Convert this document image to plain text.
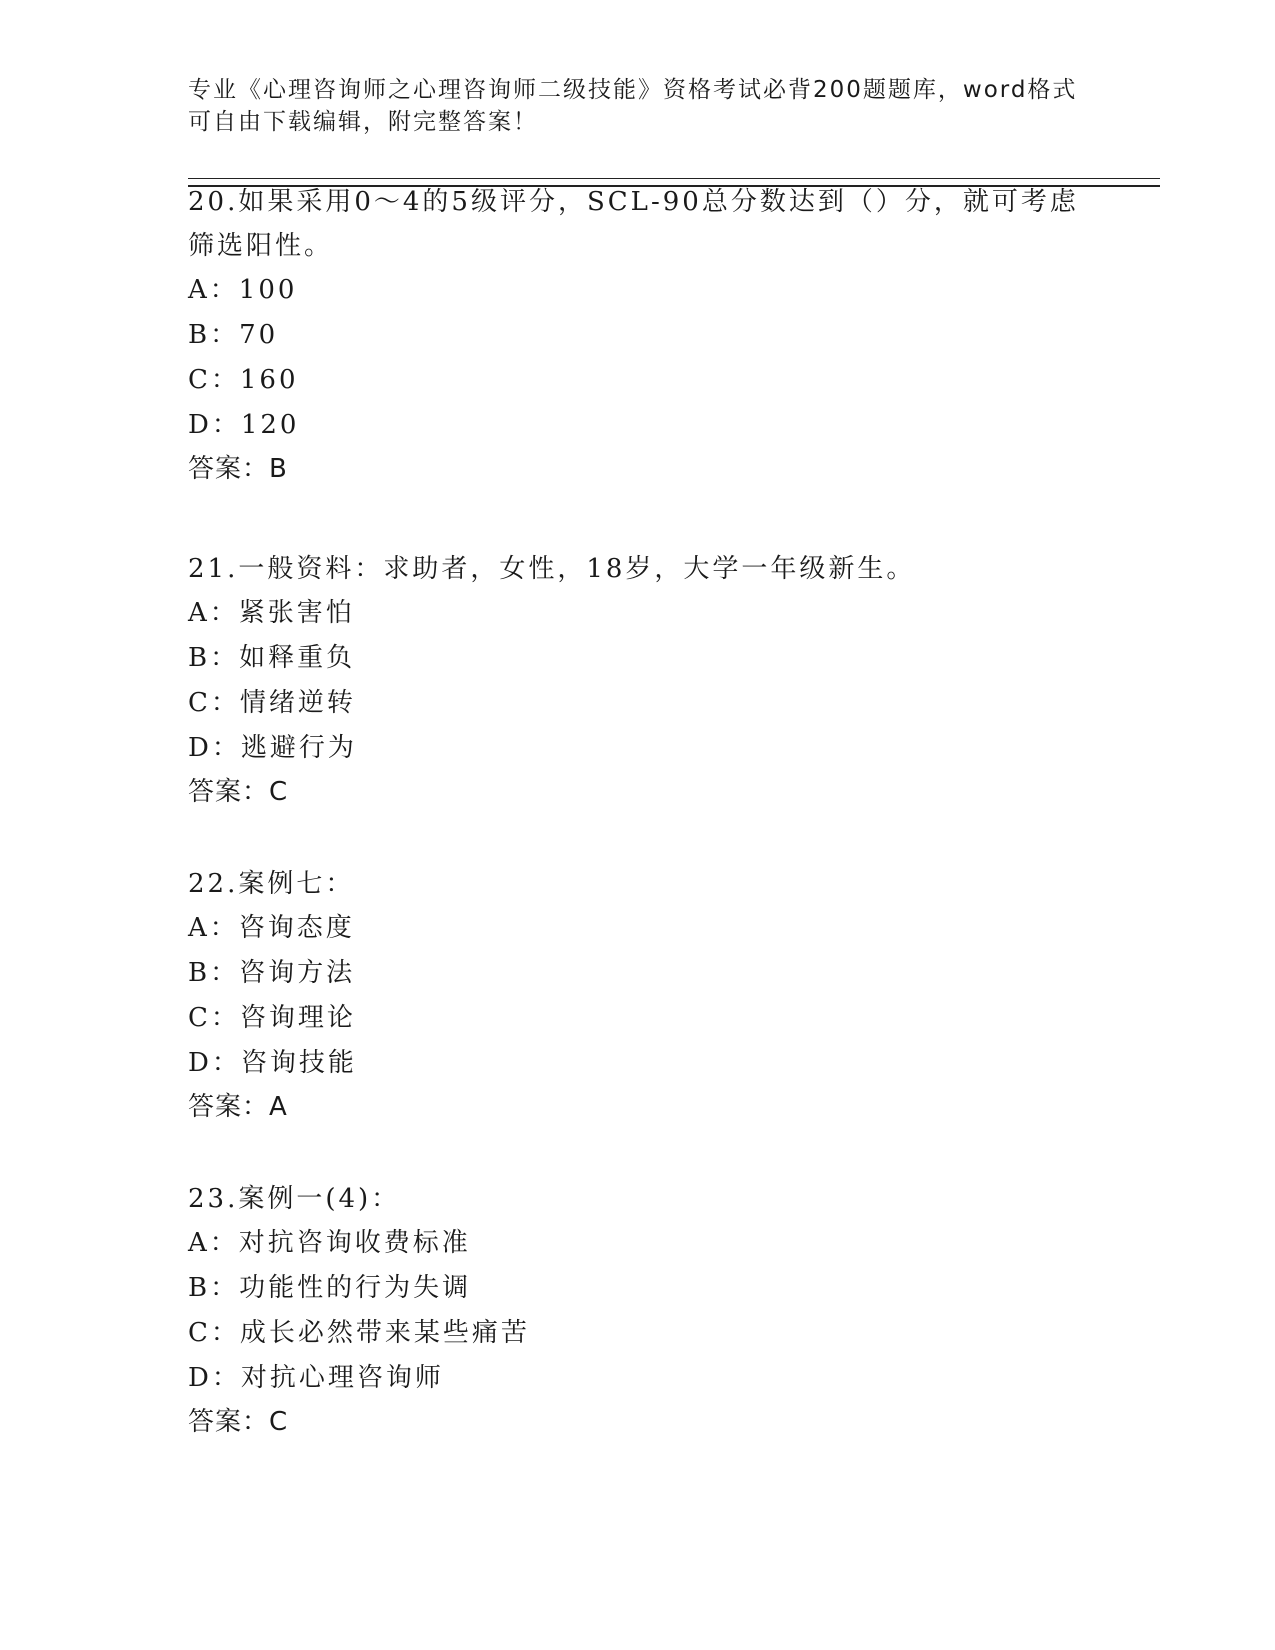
专业《心理咨询师之心理咨询师二级技能》资格考试必背200题题库，word格式
可自由下载编辑，附完整答案！
20.如果采用0～4的5级评分，SCL-90总分数达到（）分，就可考虑
筛选阳性。
A：100
B：70
C：160
D：120
答案：B
21.一般资料：求助者，女性，18岁，大学一年级新生。
A：紧张害怕
B：如释重负
C：情绪逆转
D：逃避行为
答案：C
22.案例七：
A：咨询态度
B：咨询方法
C：咨询理论
D：咨询技能
答案：A
23.案例一(4)：
A：对抗咨询收费标准
B：功能性的行为失调
C：成长必然带来某些痛苦
D：对抗心理咨询师
答案：C
